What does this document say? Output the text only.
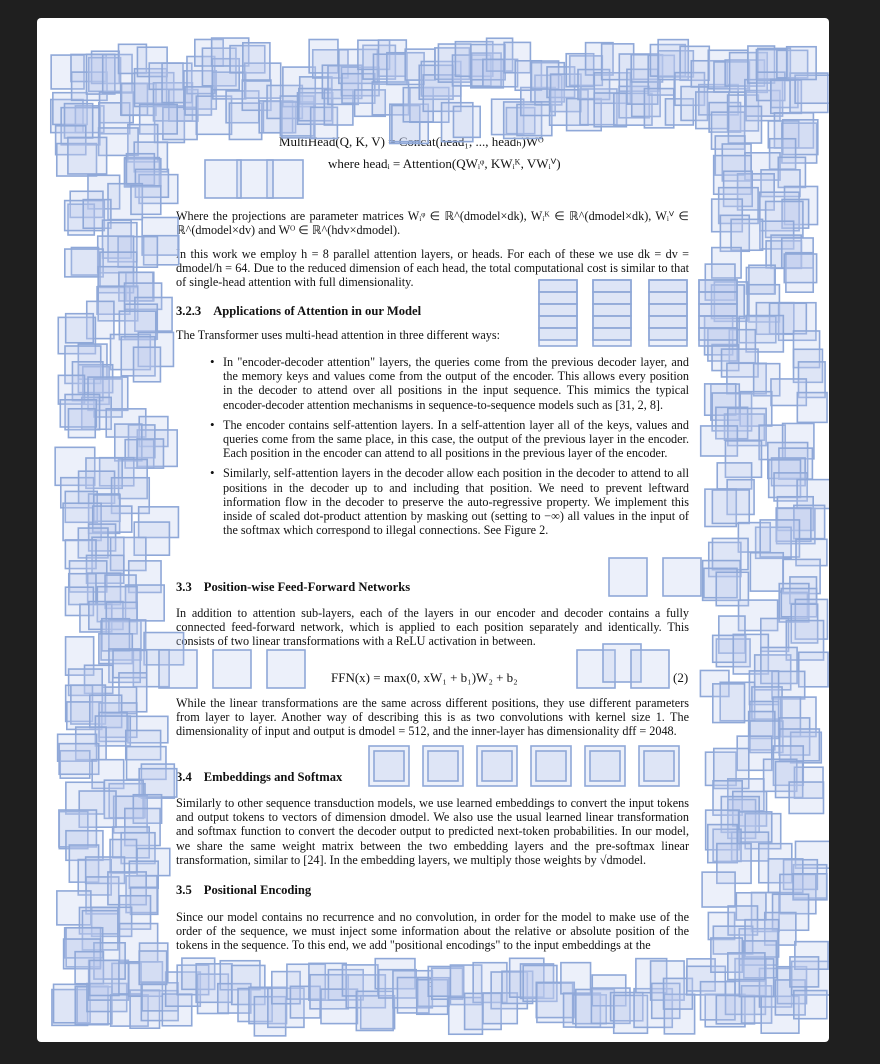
MultiHead(Q, K, V) = Concat(head₁, ..., headₕ)Wᴼ
where headᵢ = Attention(QWᵢᵠ, KWᵢᴷ, VWᵢⱽ)
Where the projections are parameter matrices Wᵢᵠ ∈ ℝ^(dmodel×dk), Wᵢᴷ ∈ ℝ^(dmodel×dk), Wᵢⱽ ∈ ℝ^(dmodel×dv) and Wᴼ ∈ ℝ^(hdv×dmodel).
In this work we employ h = 8 parallel attention layers, or heads. For each of these we use dk = dv = dmodel/h = 64. Due to the reduced dimension of each head, the total computational cost is similar to that of single-head attention with full dimensionality.
3.2.3 Applications of Attention in our Model
The Transformer uses multi-head attention in three different ways:
• In "encoder-decoder attention" layers, the queries come from the previous decoder layer, and the memory keys and values come from the output of the encoder. This allows every position in the decoder to attend over all positions in the input sequence. This mimics the typical encoder-decoder attention mechanisms in sequence-to-sequence models such as [31, 2, 8].
• The encoder contains self-attention layers. In a self-attention layer all of the keys, values and queries come from the same place, in this case, the output of the previous layer in the encoder. Each position in the encoder can attend to all positions in the previous layer of the encoder.
• Similarly, self-attention layers in the decoder allow each position in the decoder to attend to all positions in the decoder up to and including that position. We need to prevent leftward information flow in the decoder to preserve the auto-regressive property. We implement this inside of scaled dot-product attention by masking out (setting to −∞) all values in the input of the softmax which correspond to illegal connections. See Figure 2.
3.3 Position-wise Feed-Forward Networks
In addition to attention sub-layers, each of the layers in our encoder and decoder contains a fully connected feed-forward network, which is applied to each position separately and identically. This consists of two linear transformations with a ReLU activation in between.
FFN(x) = max(0, xW₁ + b₁)W₂ + b₂	(2)
While the linear transformations are the same across different positions, they use different parameters from layer to layer. Another way of describing this is as two convolutions with kernel size 1. The dimensionality of input and output is dmodel = 512, and the inner-layer has dimensionality dff = 2048.
3.4 Embeddings and Softmax
Similarly to other sequence transduction models, we use learned embeddings to convert the input tokens and output tokens to vectors of dimension dmodel. We also use the usual learned linear transformation and softmax function to convert the decoder output to predicted next-token probabilities. In our model, we share the same weight matrix between the two embedding layers and the pre-softmax linear transformation, similar to [24]. In the embedding layers, we multiply those weights by √dmodel.
3.5 Positional Encoding
Since our model contains no recurrence and no convolution, in order for the model to make use of the order of the sequence, we must inject some information about the relative or absolute position of the tokens in the sequence. To this end, we add "positional encodings" to the input embeddings at the
5
